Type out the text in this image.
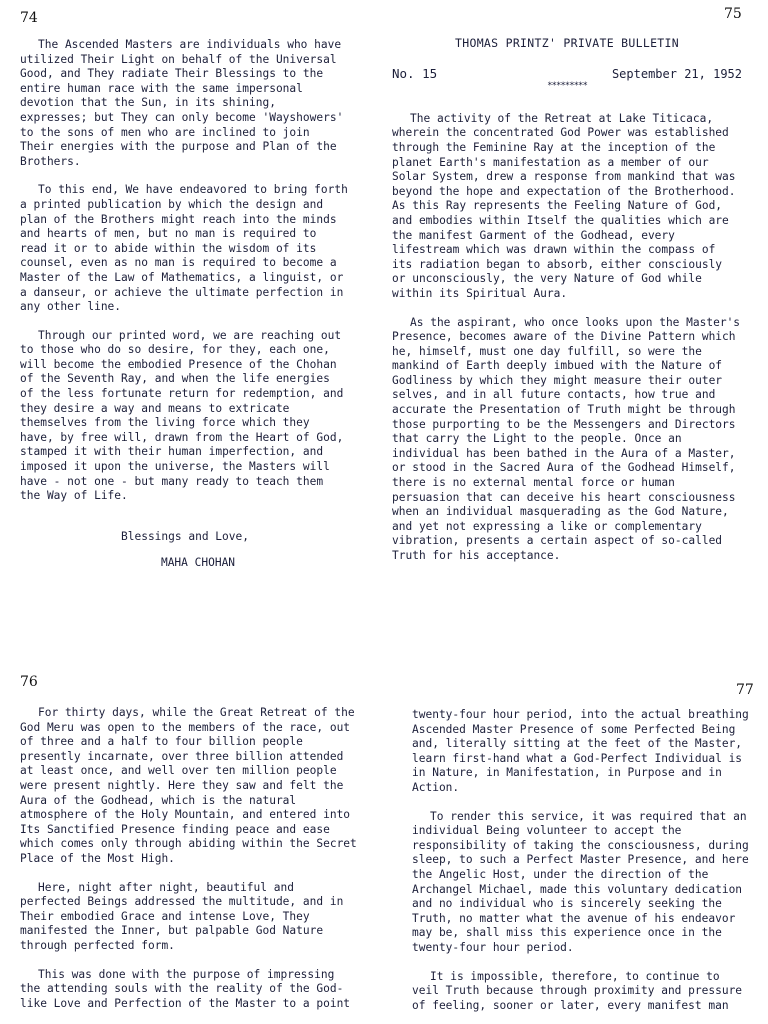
74

The Ascended Masters are individuals who have utilized Their Light on behalf of the Universal Good, and They radiate Their Blessings to the entire human race with the same impersonal devotion that the Sun, in its shining, expresses; but They can only become 'Wayshowers' to the sons of men who are inclined to join Their energies with the purpose and Plan of the Brothers.

To this end, We have endeavored to bring forth a printed publication by which the design and plan of the Brothers might reach into the minds and hearts of men, but no man is required to read it or to abide within the wisdom of its counsel, even as no man is required to become a Master of the Law of Mathematics, a linguist, or a danseur, or achieve the ultimate perfection in any other line.

Through our printed word, we are reaching out to those who do so desire, for they, each one, will become the embodied Presence of the Chohan of the Seventh Ray, and when the life energies of the less fortunate return for redemption, and they desire a way and means to extricate themselves from the living force which they have, by free will, drawn from the Heart of God, stamped it with their human imperfection, and imposed it upon the universe, the Masters will have - not one - but many ready to teach them the Way of Life.

Blessings and Love,

MAHA CHOHAN

75

THOMAS PRINTZ' PRIVATE BULLETIN

No. 15	September 21, 1952
*********

The activity of the Retreat at Lake Titicaca, wherein the concentrated God Power was established through the Feminine Ray at the inception of the planet Earth's manifestation as a member of our Solar System, drew a response from mankind that was beyond the hope and expectation of the Brotherhood. As this Ray represents the Feeling Nature of God, and embodies within Itself the qualities which are the manifest Garment of the Godhead, every lifestream which was drawn within the compass of its radiation began to absorb, either consciously or unconsciously, the very Nature of God while within its Spiritual Aura.

As the aspirant, who once looks upon the Master's Presence, becomes aware of the Divine Pattern which he, himself, must one day fulfill, so were the mankind of Earth deeply imbued with the Nature of Godliness by which they might measure their outer selves, and in all future contacts, how true and accurate the Presentation of Truth might be through those purporting to be the Messengers and Directors that carry the Light to the people. Once an individual has been bathed in the Aura of a Master, or stood in the Sacred Aura of the Godhead Himself, there is no external mental force or human persuasion that can deceive his heart consciousness when an individual masquerading as the God Nature, and yet not expressing a like or complementary vibration, presents a certain aspect of so-called Truth for his acceptance.

76

For thirty days, while the Great Retreat of the God Meru was open to the members of the race, out of three and a half to four billion people presently incarnate, over three billion attended at least once, and well over ten million people were present nightly. Here they saw and felt the Aura of the Godhead, which is the natural atmosphere of the Holy Mountain, and entered into Its Sanctified Presence finding peace and ease which comes only through abiding within the Secret Place of the Most High.

Here, night after night, beautiful and perfected Beings addressed the multitude, and in Their embodied Grace and intense Love, They manifested the Inner, but palpable God Nature through perfected form.

This was done with the purpose of impressing the attending souls with the reality of the God-like Love and Perfection of the Master to a point

77

twenty-four hour period, into the actual breathing Ascended Master Presence of some Perfected Being and, literally sitting at the feet of the Master, learn first-hand what a God-Perfect Individual is in Nature, in Manifestation, in Purpose and in Action.

To render this service, it was required that an individual Being volunteer to accept the responsibility of taking the consciousness, during sleep, to such a Perfect Master Presence, and here the Angelic Host, under the direction of the Archangel Michael, made this voluntary dedication and no individual who is sincerely seeking the Truth, no matter what the avenue of his endeavor may be, shall miss this experience once in the twenty-four hour period.

It is impossible, therefore, to continue to veil Truth because through proximity and pressure of feeling, sooner or later, every manifest man
